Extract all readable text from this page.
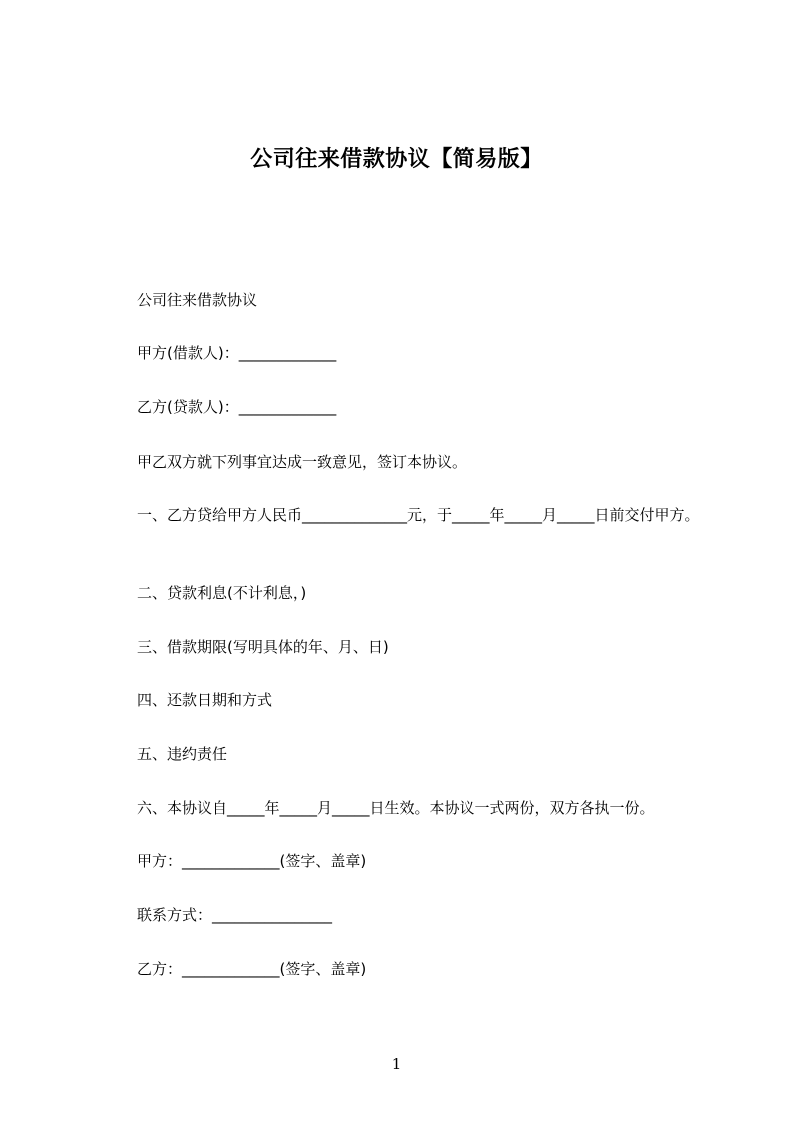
公司往来借款协议【简易版】
公司往来借款协议
甲方(借款人)：_____________
乙方(贷款人)：_____________
甲乙双方就下列事宜达成一致意见，签订本协议。
一、乙方贷给甲方人民币______________元，于_____年_____月_____日前交付甲方。
二、贷款利息(不计利息，)
三、借款期限(写明具体的年、月、日)
四、还款日期和方式
五、违约责任
六、本协议自_____年_____月_____日生效。本协议一式两份，双方各执一份。
甲方：_____________(签字、盖章)
联系方式：________________
乙方：_____________(签字、盖章)
1
